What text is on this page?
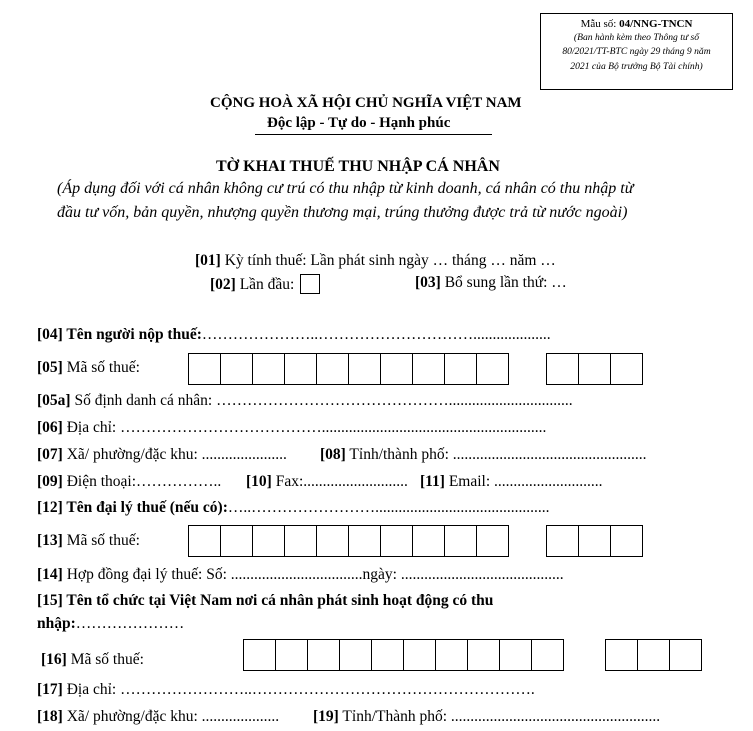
Mẫu số: 04/NNG-TNCN
(Ban hành kèm theo Thông tư số
80/2021/TT-BTC ngày 29 tháng 9 năm
2021 của Bộ trưởng Bộ Tài chính)
CỘNG HOÀ XÃ HỘI CHỦ NGHĨA VIỆT NAM
Độc lập - Tự do - Hạnh phúc
TỜ KHAI THUẾ THU NHẬP CÁ NHÂN
(Áp dụng đối với cá nhân không cư trú có thu nhập từ kinh doanh, cá nhân có thu nhập từ
đầu tư vốn, bản quyền, nhượng quyền thương mại, trúng thưởng được trả từ nước ngoài)
[01] Kỳ tính thuế: Lần phát sinh ngày … tháng … năm …
[02] Lần đầu:	[03] Bổ sung lần thứ: …
[04] Tên người nộp thuế:…………………..…………………………....................
[05] Mã số thuế:
[05a] Số định danh cá nhân: ………………………………………................................
[06] Địa chỉ: …………………………………..........................................................
[07] Xã/ phường/đặc khu: ...................... [08] Tỉnh/thành phố: ..................................................
[09] Điện thoại:…………….. [10] Fax:........................... [11] Email: ............................
[12] Tên đại lý thuế (nếu có):…..…………………….............................................
[13] Mã số thuế:
[14] Hợp đồng đại lý thuế: Số: ..................................ngày: ..........................................
[15] Tên tổ chức tại Việt Nam nơi cá nhân phát sinh hoạt động có thu
nhập:…………………
[16] Mã số thuế:
[17] Địa chỉ: ……………………..……………………………………………….
[18] Xã/ phường/đặc khu: .................... [19] Tỉnh/Thành phố: ......................................................
